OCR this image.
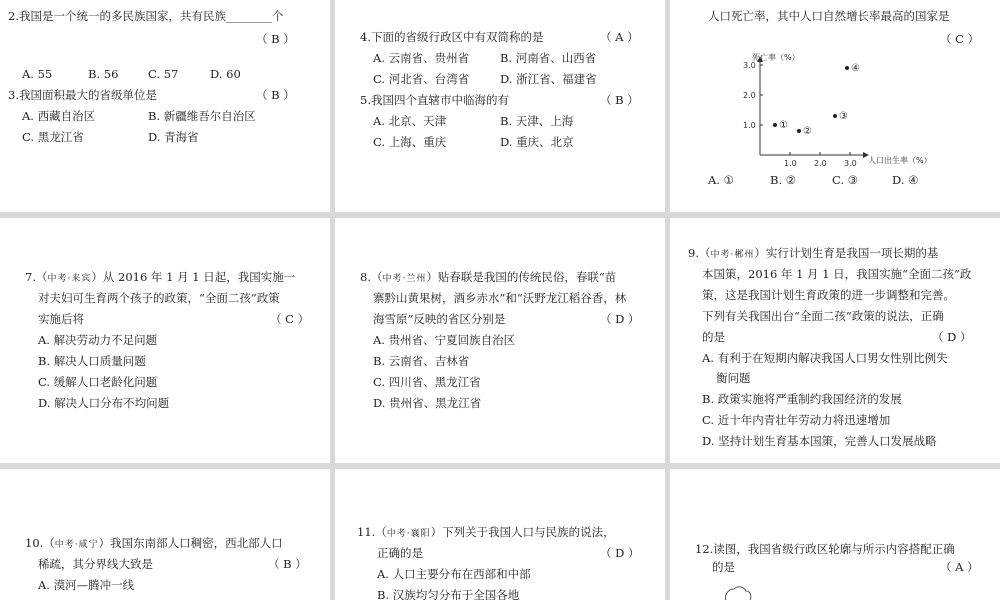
2.我国是一个统一的多民族国家，共有民族________个
（ B ）
A. 55	B. 56	C. 57	D. 60
3.我国面积最大的省级单位是	（ B ）
A. 西藏自治区	B. 新疆维吾尔自治区
C. 黑龙江省	D. 青海省
4.下面的省级行政区中有双简称的是	（ A ）
A. 云南省、贵州省	B. 河南省、山西省
C. 河北省、台湾省	D. 浙江省、福建省
5.我国四个直辖市中临海的有	（ B ）
A. 北京、天津	B. 天津、上海
C. 上海、重庆	D. 重庆、北京
人口死亡率，其中人口自然增长率最高的国家是
（ C ）
死亡率（%）
人口出生率（%）
1.0 2.0 3.0
1.0
2.0
3.0
①
②
③
④
A. ①	B. ②	C. ③	D. ④
7.（中考·来宾）从 2016 年 1 月 1 日起，我国实施一
对夫妇可生育两个孩子的政策，“全面二孩”政策
实施后将	（ C ）
A. 解决劳动力不足问题
B. 解决人口质量问题
C. 缓解人口老龄化问题
D. 解决人口分布不均问题
8.（中考·兰州）贴春联是我国的传统民俗，春联“苗
寨黔山黄果树，酒乡赤水”和“沃野龙江稻谷香，林
海雪原”反映的省区分别是	（ D ）
A. 贵州省、宁夏回族自治区
B. 云南省、吉林省
C. 四川省、黑龙江省
D. 贵州省、黑龙江省
9.（中考·郴州）实行计划生育是我国一项长期的基
本国策，2016 年 1 月 1 日，我国实施“全面二孩”政
策，这是我国计划生育政策的进一步调整和完善。
下列有关我国出台“全面二孩”政策的说法，正确
的是	（ D ）
A. 有利于在短期内解决我国人口男女性别比例失
衡问题
B. 政策实施将严重制约我国经济的发展
C. 近十年内青壮年劳动力将迅速增加
D. 坚持计划生育基本国策，完善人口发展战略
10.（中考·咸宁）我国东南部人口稠密，西北部人口
稀疏，其分界线大致是	（ B ）
A. 漠河—腾冲一线
11.（中考·襄阳）下列关于我国人口与民族的说法，
正确的是	（ D ）
A. 人口主要分布在西部和中部
B. 汉族均匀分布于全国各地
12.读图，我国省级行政区轮廓与所示内容搭配正确
的是	（ A ）
